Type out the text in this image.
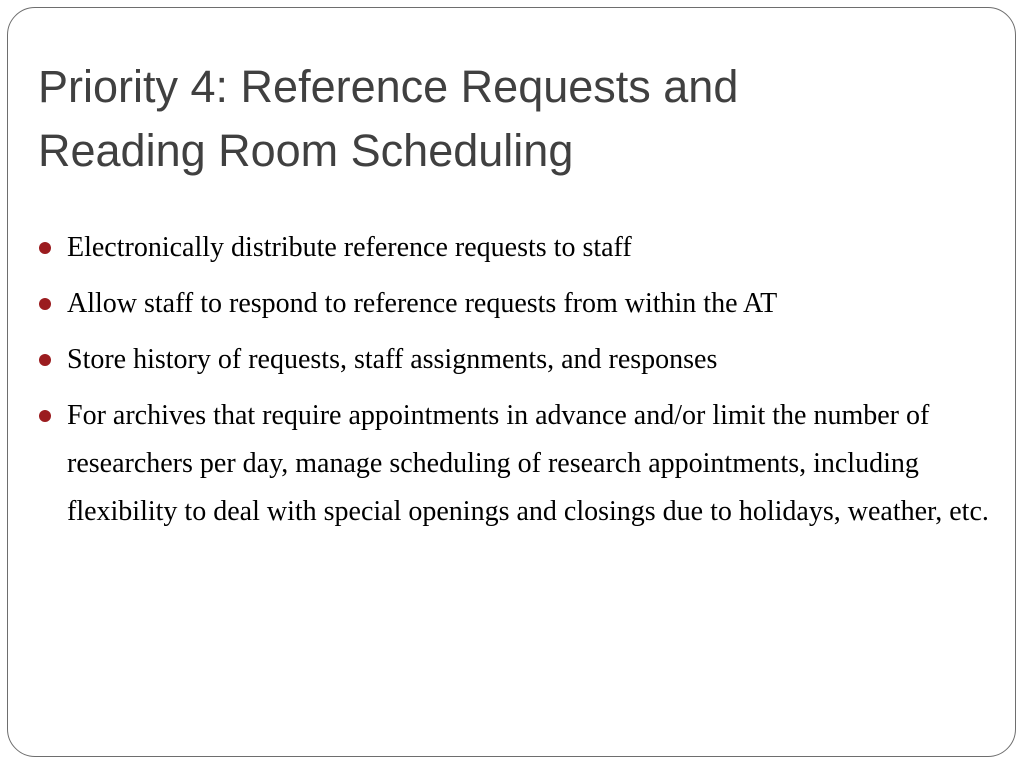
Priority 4: Reference Requests and
Reading Room Scheduling
Electronically distribute reference requests to staff
Allow staff to respond to reference requests from within the AT
Store history of requests, staff assignments, and responses
For archives that require appointments in advance and/or limit the number of researchers per day, manage scheduling of research appointments, including flexibility to deal with special openings and closings due to holidays, weather, etc.
